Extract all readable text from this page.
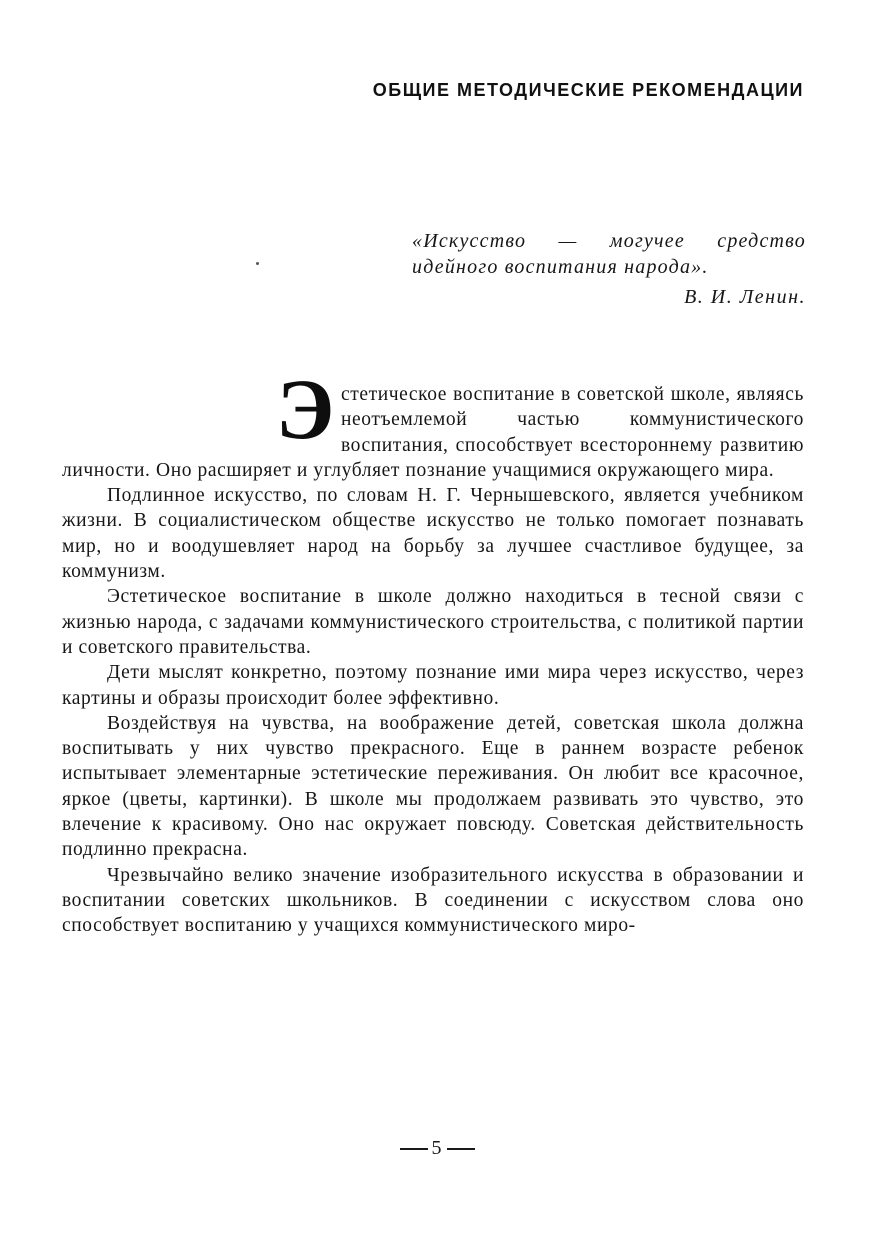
ОБЩИЕ МЕТОДИЧЕСКИЕ РЕКОМЕНДАЦИИ
«Искусство — могучее средство идейного воспитания народа».
В. И. Ленин.

Эстетическое воспитание в советской школе, являясь неотъемлемой частью коммунистического воспитания, способствует всестороннему развитию личности. Оно расширяет и углубляет познание учащимися окружающего мира.

Подлинное искусство, по словам Н. Г. Чернышевского, является учебником жизни. В социалистическом обществе искусство не только помогает познавать мир, но и воодушевляет народ на борьбу за лучшее счастливое будущее, за коммунизм.

Эстетическое воспитание в школе должно находиться в тесной связи с жизнью народа, с задачами коммунистического строительства, с политикой партии и советского правительства.

Дети мыслят конкретно, поэтому познание ими мира через искусство, через картины и образы происходит более эффективно.

Воздействуя на чувства, на воображение детей, советская школа должна воспитывать у них чувство прекрасного. Еще в раннем возрасте ребенок испытывает элементарные эстетические переживания. Он любит все красочное, яркое (цветы, картинки). В школе мы продолжаем развивать это чувство, это влечение к красивому. Оно нас окружает повсюду. Советская действительность подлинно прекрасна.

Чрезвычайно велико значение изобразительного искусства в образовании и воспитании советских школьников. В соединении с искусством слова оно способствует воспитанию у учащихся коммунистического миро-

5
